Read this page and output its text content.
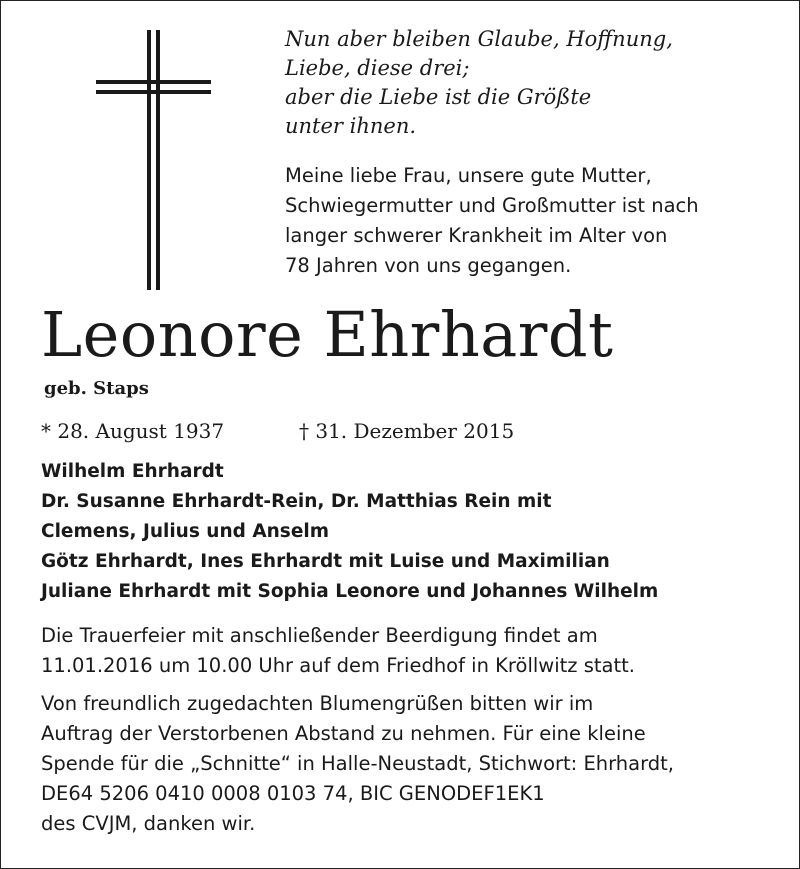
Nun aber bleiben Glaube, Hoffnung,
Liebe, diese drei;
aber die Liebe ist die Größte
unter ihnen.
Meine liebe Frau, unsere gute Mutter,
Schwiegermutter und Großmutter ist nach
langer schwerer Krankheit im Alter von
78 Jahren von uns gegangen.
Leonore Ehrhardt
geb. Staps
* 28. August 1937	† 31. Dezember 2015
Wilhelm Ehrhardt
Dr. Susanne Ehrhardt-Rein, Dr. Matthias Rein mit
Clemens, Julius und Anselm
Götz Ehrhardt, Ines Ehrhardt mit Luise und Maximilian
Juliane Ehrhardt mit Sophia Leonore und Johannes Wilhelm
Die Trauerfeier mit anschließender Beerdigung findet am
11.01.2016 um 10.00 Uhr auf dem Friedhof in Kröllwitz statt.
Von freundlich zugedachten Blumengrüßen bitten wir im
Auftrag der Verstorbenen Abstand zu nehmen. Für eine kleine
Spende für die „Schnitte“ in Halle-Neustadt, Stichwort: Ehrhardt,
DE64 5206 0410 0008 0103 74, BIC GENODEF1EK1
des CVJM, danken wir.
